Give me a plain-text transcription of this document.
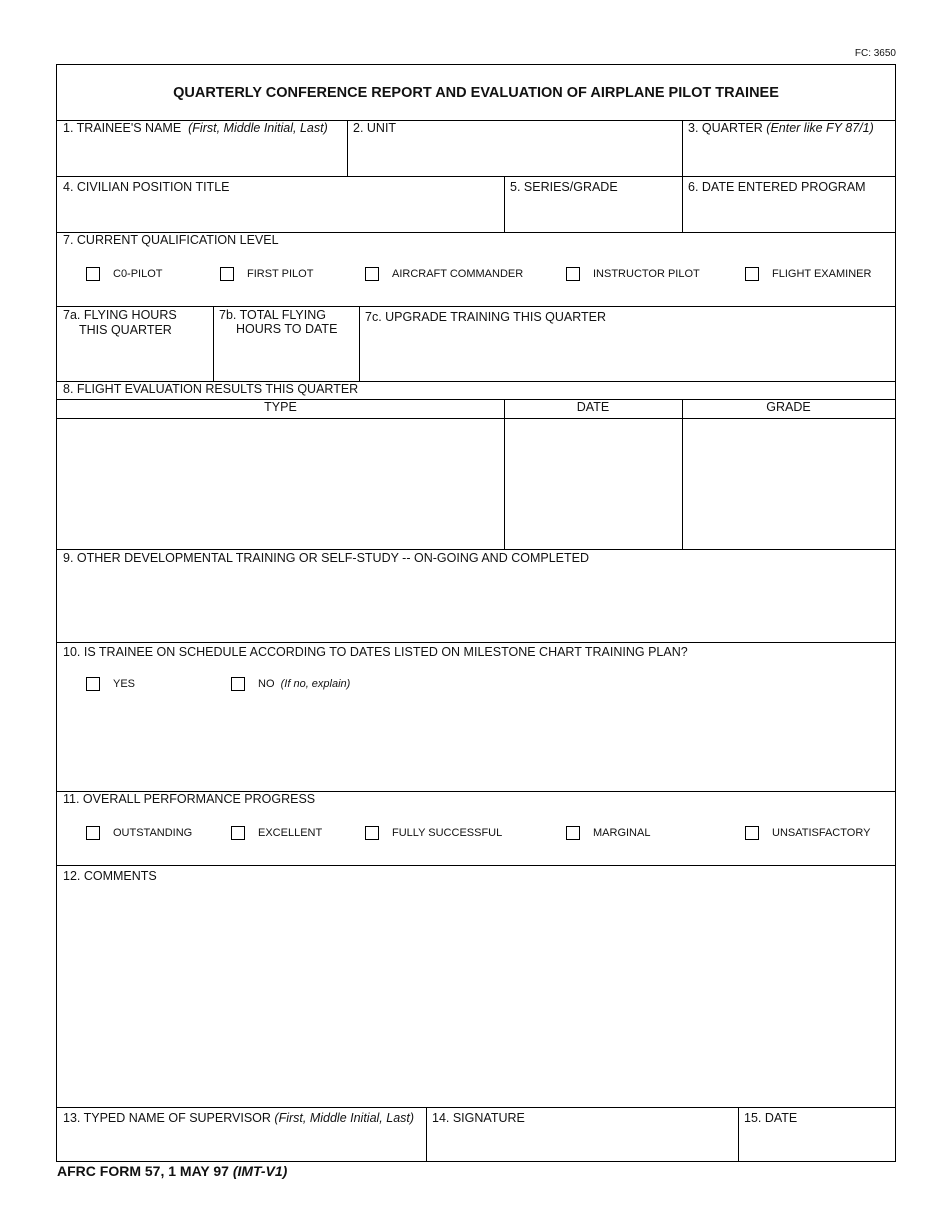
FC: 3650
QUARTERLY CONFERENCE REPORT AND EVALUATION OF AIRPLANE PILOT TRAINEE
1. TRAINEE'S NAME (First, Middle Initial, Last) 2. UNIT	3. QUARTER (Enter like FY 87/1)
4. CIVILIAN POSITION TITLE	5. SERIES/GRADE	6. DATE ENTERED PROGRAM
7. CURRENT QUALIFICATION LEVEL
C0-PILOT	FIRST PILOT	AIRCRAFT COMMANDER	INSTRUCTOR PILOT	FLIGHT EXAMINER
7a. FLYING HOURS
THIS QUARTER
7b. TOTAL FLYING
HOURS TO DATE
7c. UPGRADE TRAINING THIS QUARTER
8. FLIGHT EVALUATION RESULTS THIS QUARTER
TYPE	DATE	GRADE
9. OTHER DEVELOPMENTAL TRAINING OR SELF-STUDY -- ON-GOING AND COMPLETED
10. IS TRAINEE ON SCHEDULE ACCORDING TO DATES LISTED ON MILESTONE CHART TRAINING PLAN?
YES	NO (If no, explain)
11. OVERALL PERFORMANCE PROGRESS
OUTSTANDING	EXCELLENT	FULLY SUCCESSFUL	MARGINAL	UNSATISFACTORY
12. COMMENTS
13. TYPED NAME OF SUPERVISOR (First, Middle Initial, Last) 14. SIGNATURE	15. DATE
AFRC FORM 57, 1 MAY 97 (IMT-V1)
